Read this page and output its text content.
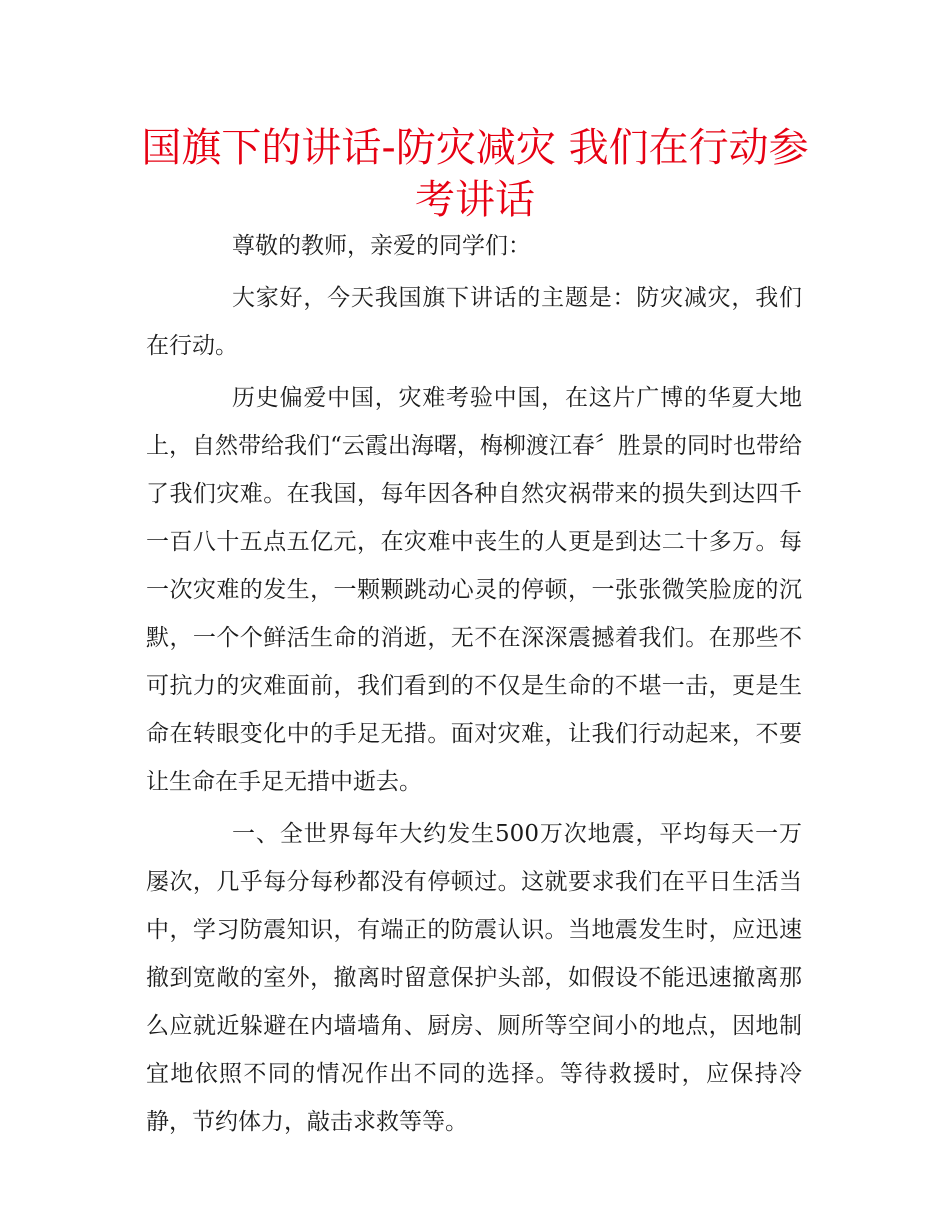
国旗下的讲话-防灾减灾 我们在行动参考讲话

尊敬的教师，亲爱的同学们：

大家好，今天我国旗下讲话的主题是：防灾减灾，我们在行动。

历史偏爱中国，灾难考验中国，在这片广博的华夏大地上，自然带给我们“云霞出海曙，梅柳渡江春〞胜景的同时也带给了我们灾难。在我国，每年因各种自然灾祸带来的损失到达四千一百八十五点五亿元，在灾难中丧生的人更是到达二十多万。每一次灾难的发生，一颗颗跳动心灵的停顿，一张张微笑脸庞的沉默，一个个鲜活生命的消逝，无不在深深震撼着我们。在那些不可抗力的灾难面前，我们看到的不仅是生命的不堪一击，更是生命在转眼变化中的手足无措。面对灾难，让我们行动起来，不要让生命在手足无措中逝去。

一、全世界每年大约发生500万次地震，平均每天一万屡次，几乎每分每秒都没有停顿过。这就要求我们在平日生活当中，学习防震知识，有端正的防震认识。当地震发生时，应迅速撤到宽敞的室外，撤离时留意保护头部，如假设不能迅速撤离那么应就近躲避在内墙墙角、厨房、厕所等空间小的地点，因地制宜地依照不同的情况作出不同的选择。等待救援时，应保持冷静，节约体力，敲击求救等等。
